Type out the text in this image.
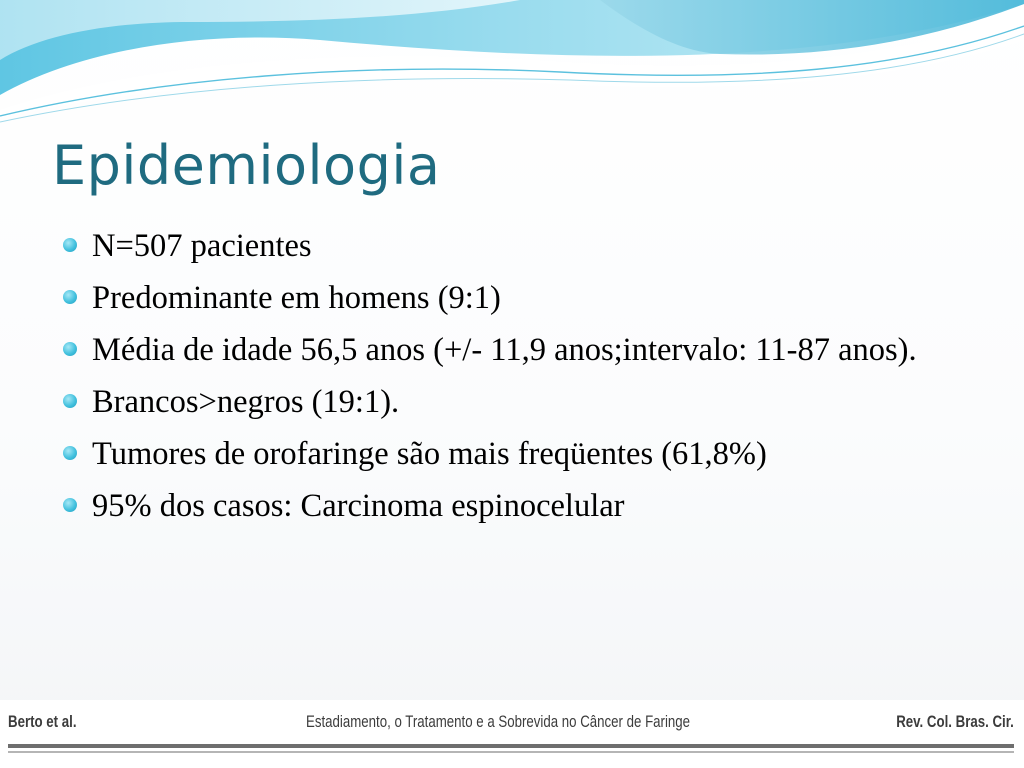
Epidemiologia
N=507 pacientes
Predominante em homens (9:1)
Média de idade 56,5 anos (+/- 11,9 anos;intervalo: 11-87 anos).
Brancos>negros (19:1).
Tumores de orofaringe são mais freqüentes (61,8%)
95% dos casos: Carcinoma espinocelular
Berto et al.	Estadiamento, o Tratamento e a Sobrevida no Câncer de Faringe	Rev. Col. Bras. Cir.
